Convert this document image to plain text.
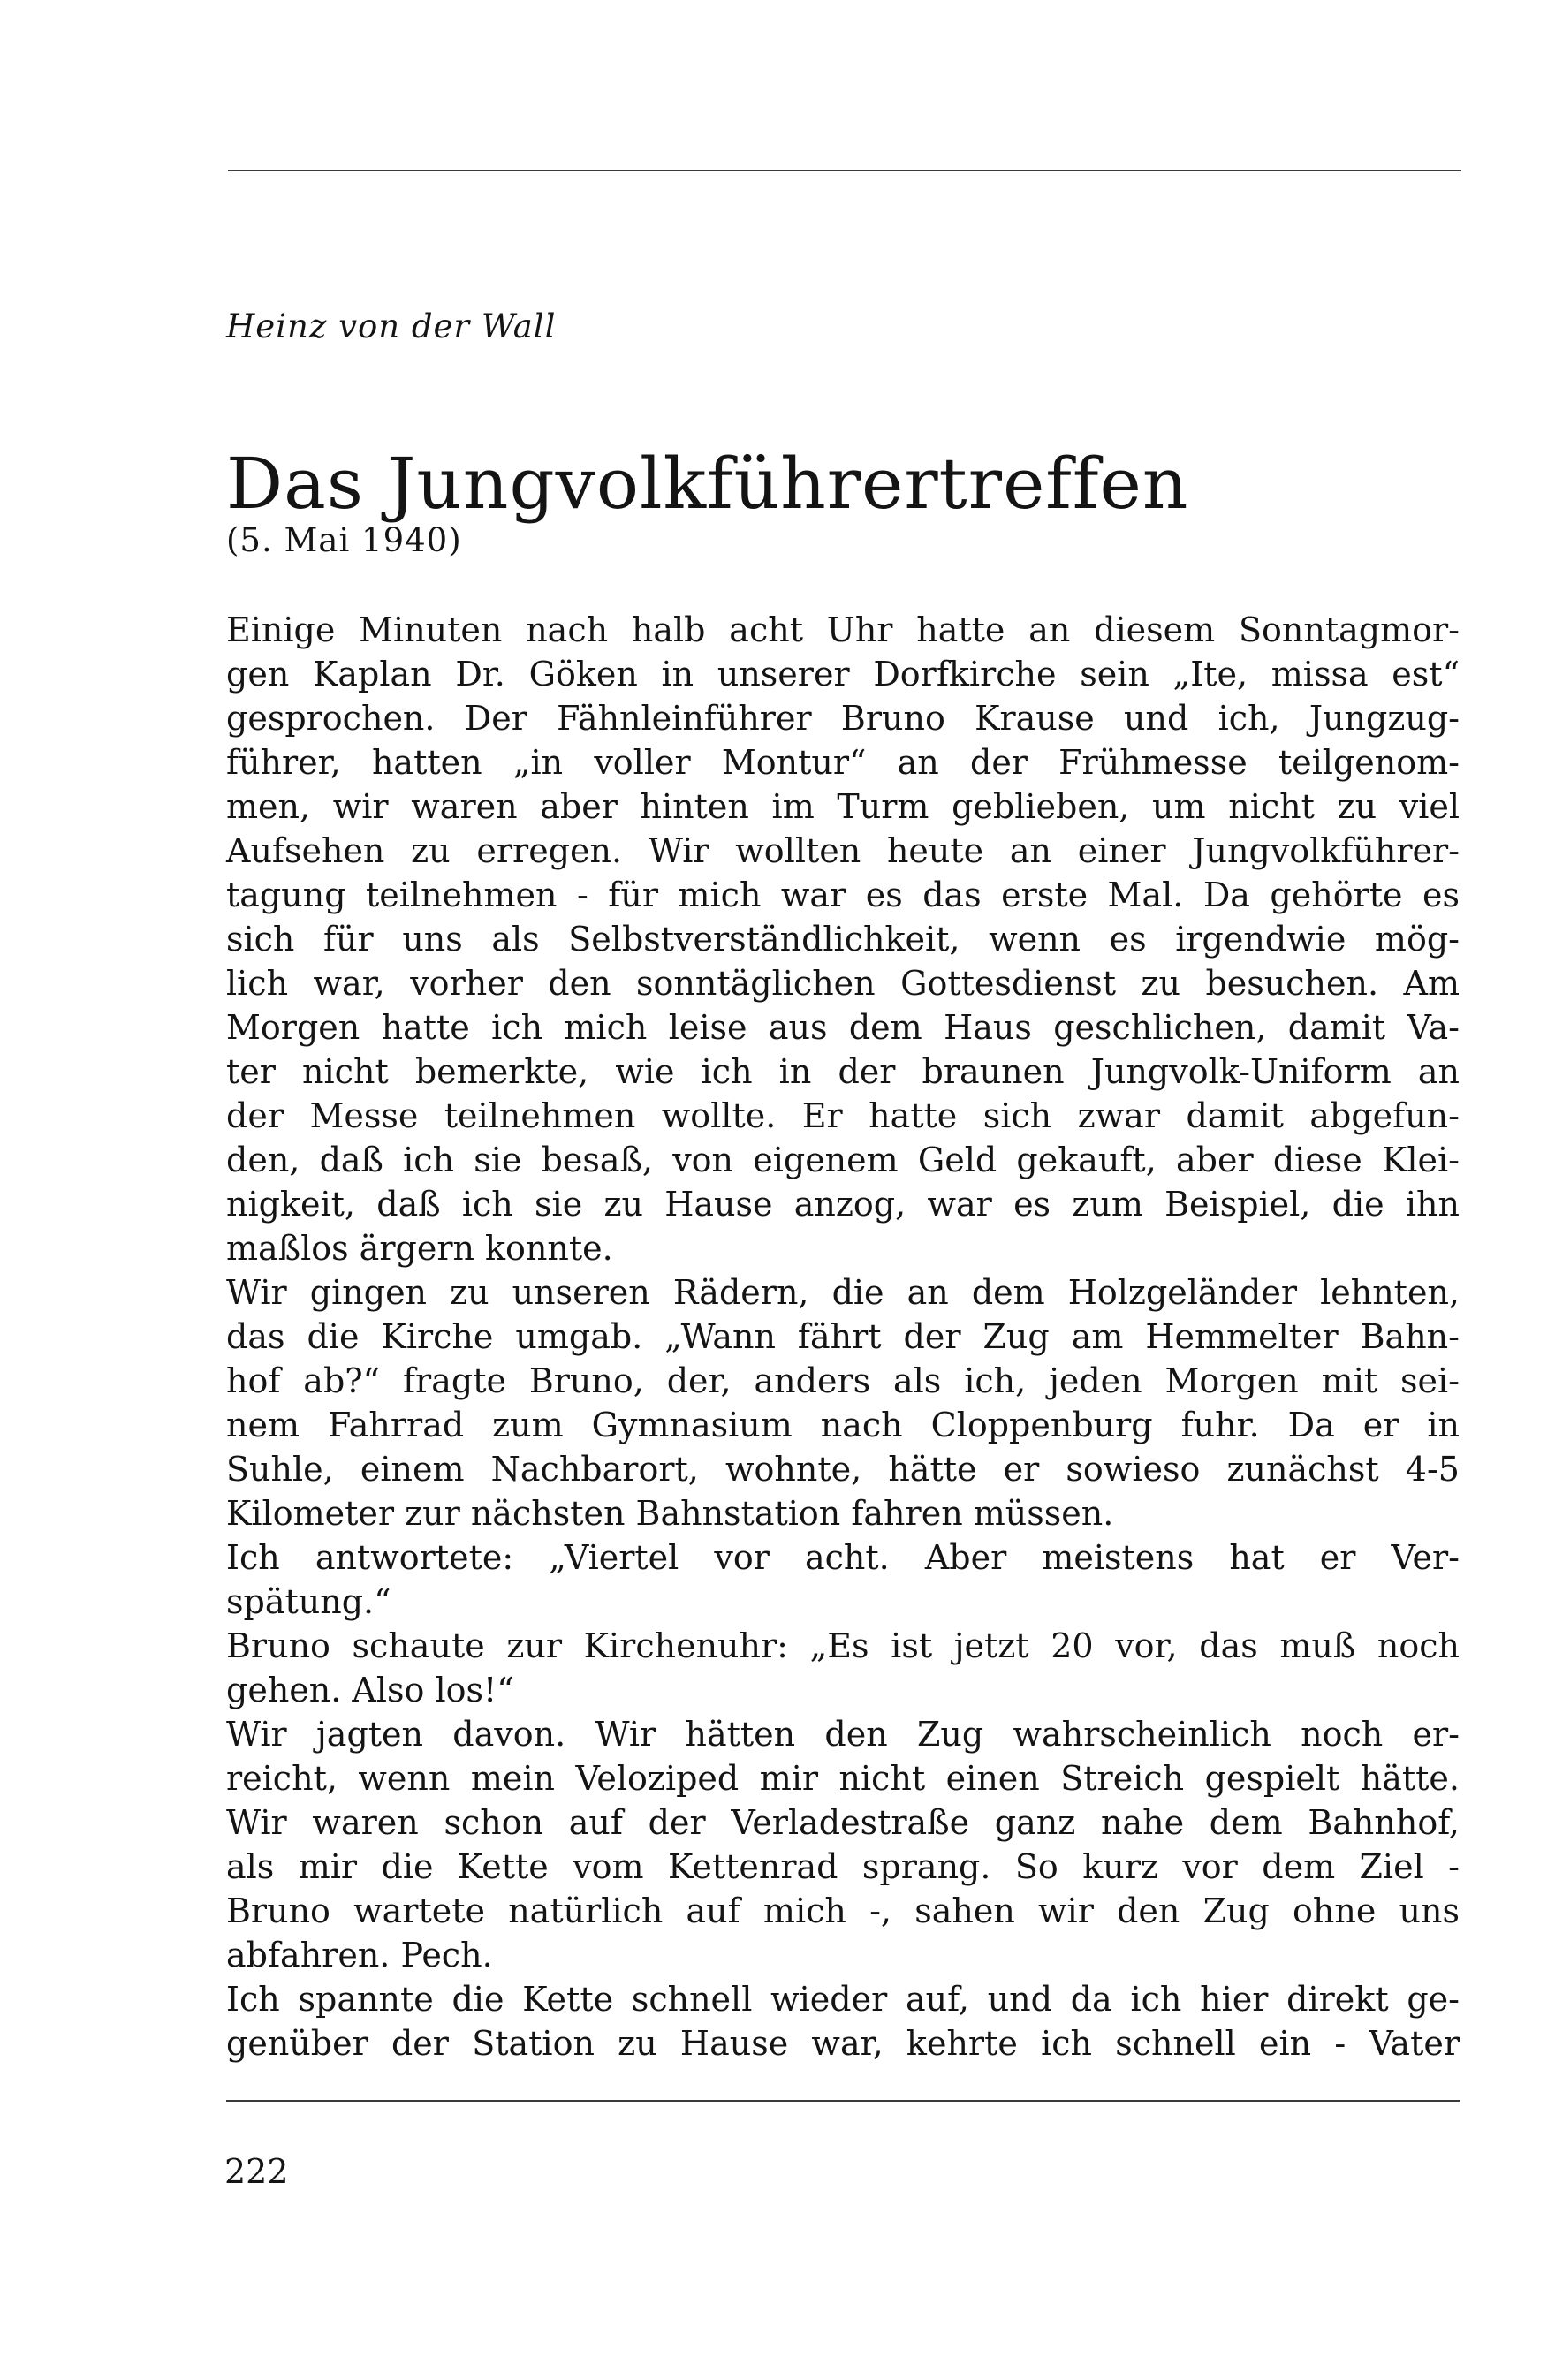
Heinz von der Wall
Das Jungvolkführertreffen
(5. Mai 1940)
Einige Minuten nach halb acht Uhr hatte an diesem Sonntagmor-
gen Kaplan Dr. Göken in unserer Dorfkirche sein „Ite, missa est“
gesprochen. Der Fähnleinführer Bruno Krause und ich, Jungzug-
führer, hatten „in voller Montur“ an der Frühmesse teilgenom-
men, wir waren aber hinten im Turm geblieben, um nicht zu viel
Aufsehen zu erregen. Wir wollten heute an einer Jungvolkführer-
tagung teilnehmen - für mich war es das erste Mal. Da gehörte es
sich für uns als Selbstverständlichkeit, wenn es irgendwie mög-
lich war, vorher den sonntäglichen Gottesdienst zu besuchen. Am
Morgen hatte ich mich leise aus dem Haus geschlichen, damit Va-
ter nicht bemerkte, wie ich in der braunen Jungvolk-Uniform an
der Messe teilnehmen wollte. Er hatte sich zwar damit abgefun-
den, daß ich sie besaß, von eigenem Geld gekauft, aber diese Klei-
nigkeit, daß ich sie zu Hause anzog, war es zum Beispiel, die ihn
maßlos ärgern konnte.
Wir gingen zu unseren Rädern, die an dem Holzgeländer lehnten,
das die Kirche umgab. „Wann fährt der Zug am Hemmelter Bahn-
hof ab?“ fragte Bruno, der, anders als ich, jeden Morgen mit sei-
nem Fahrrad zum Gymnasium nach Cloppenburg fuhr. Da er in
Suhle, einem Nachbarort, wohnte, hätte er sowieso zunächst 4-5
Kilometer zur nächsten Bahnstation fahren müssen.
Ich antwortete: „Viertel vor acht. Aber meistens hat er Ver-
spätung.“
Bruno schaute zur Kirchenuhr: „Es ist jetzt 20 vor, das muß noch
gehen. Also los!“
Wir jagten davon. Wir hätten den Zug wahrscheinlich noch er-
reicht, wenn mein Veloziped mir nicht einen Streich gespielt hätte.
Wir waren schon auf der Verladestraße ganz nahe dem Bahnhof,
als mir die Kette vom Kettenrad sprang. So kurz vor dem Ziel -
Bruno wartete natürlich auf mich -, sahen wir den Zug ohne uns
abfahren. Pech.
Ich spannte die Kette schnell wieder auf, und da ich hier direkt ge-
genüber der Station zu Hause war, kehrte ich schnell ein - Vater
222
